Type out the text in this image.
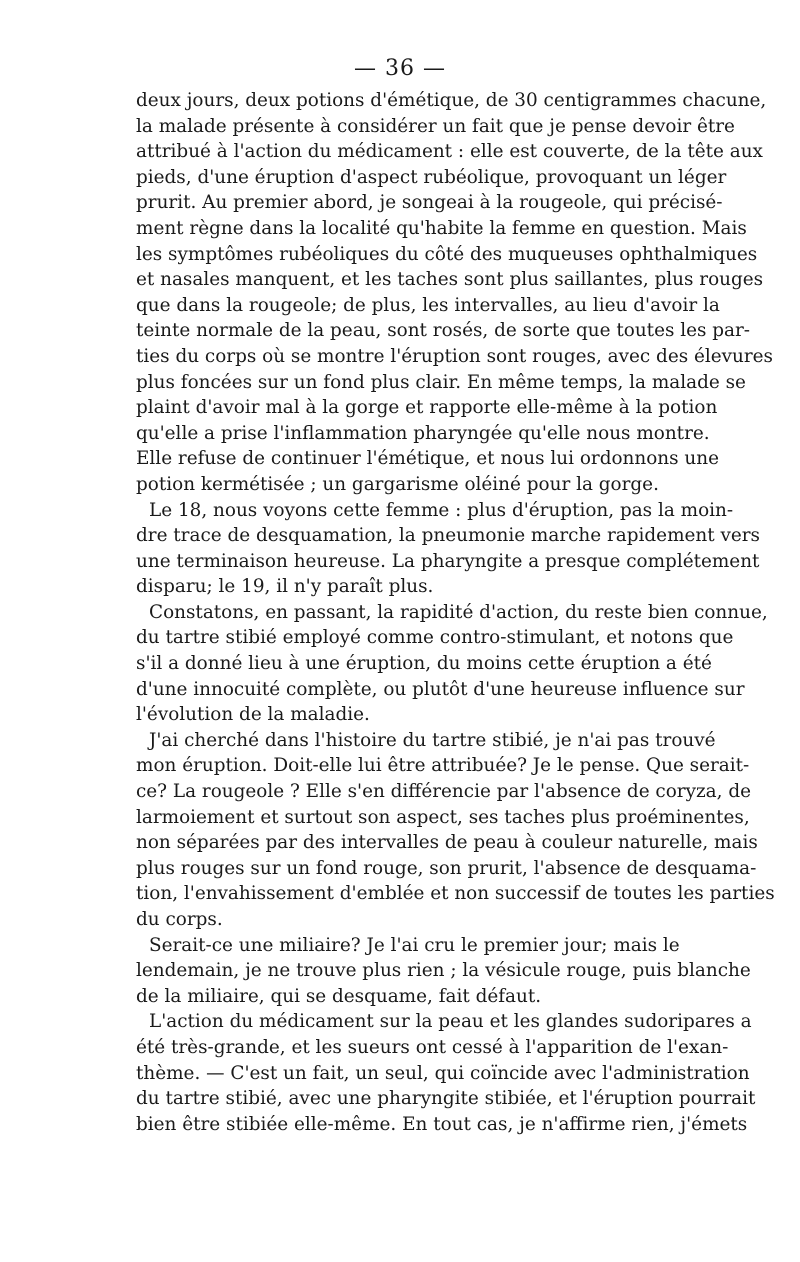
— 36 —
deux jours, deux potions d'émétique, de 30 centigrammes chacune,
la malade présente à considérer un fait que je pense devoir être
attribué à l'action du médicament : elle est couverte, de la tête aux
pieds, d'une éruption d'aspect rubéolique, provoquant un léger
prurit. Au premier abord, je songeai à la rougeole, qui précisé-
ment règne dans la localité qu'habite la femme en question. Mais
les symptômes rubéoliques du côté des muqueuses ophthalmiques
et nasales manquent, et les taches sont plus saillantes, plus rouges
que dans la rougeole; de plus, les intervalles, au lieu d'avoir la
teinte normale de la peau, sont rosés, de sorte que toutes les par-
ties du corps où se montre l'éruption sont rouges, avec des élevures
plus foncées sur un fond plus clair. En même temps, la malade se
plaint d'avoir mal à la gorge et rapporte elle-même à la potion
qu'elle a prise l'inflammation pharyngée qu'elle nous montre.
Elle refuse de continuer l'émétique, et nous lui ordonnons une
potion kermétisée ; un gargarisme oléiné pour la gorge.
Le 18, nous voyons cette femme : plus d'éruption, pas la moin-
dre trace de desquamation, la pneumonie marche rapidement vers
une terminaison heureuse. La pharyngite a presque complétement
disparu; le 19, il n'y paraît plus.
Constatons, en passant, la rapidité d'action, du reste bien connue,
du tartre stibié employé comme contro-stimulant, et notons que
s'il a donné lieu à une éruption, du moins cette éruption a été
d'une innocuité complète, ou plutôt d'une heureuse influence sur
l'évolution de la maladie.
J'ai cherché dans l'histoire du tartre stibié, je n'ai pas trouvé
mon éruption. Doit-elle lui être attribuée? Je le pense. Que serait-
ce? La rougeole ? Elle s'en différencie par l'absence de coryza, de
larmoiement et surtout son aspect, ses taches plus proéminentes,
non séparées par des intervalles de peau à couleur naturelle, mais
plus rouges sur un fond rouge, son prurit, l'absence de desquama-
tion, l'envahissement d'emblée et non successif de toutes les parties
du corps.
Serait-ce une miliaire? Je l'ai cru le premier jour; mais le
lendemain, je ne trouve plus rien ; la vésicule rouge, puis blanche
de la miliaire, qui se desquame, fait défaut.
L'action du médicament sur la peau et les glandes sudoripares a
été très-grande, et les sueurs ont cessé à l'apparition de l'exan-
thème. — C'est un fait, un seul, qui coïncide avec l'administration
du tartre stibié, avec une pharyngite stibiée, et l'éruption pourrait
bien être stibiée elle-même. En tout cas, je n'affirme rien, j'émets
